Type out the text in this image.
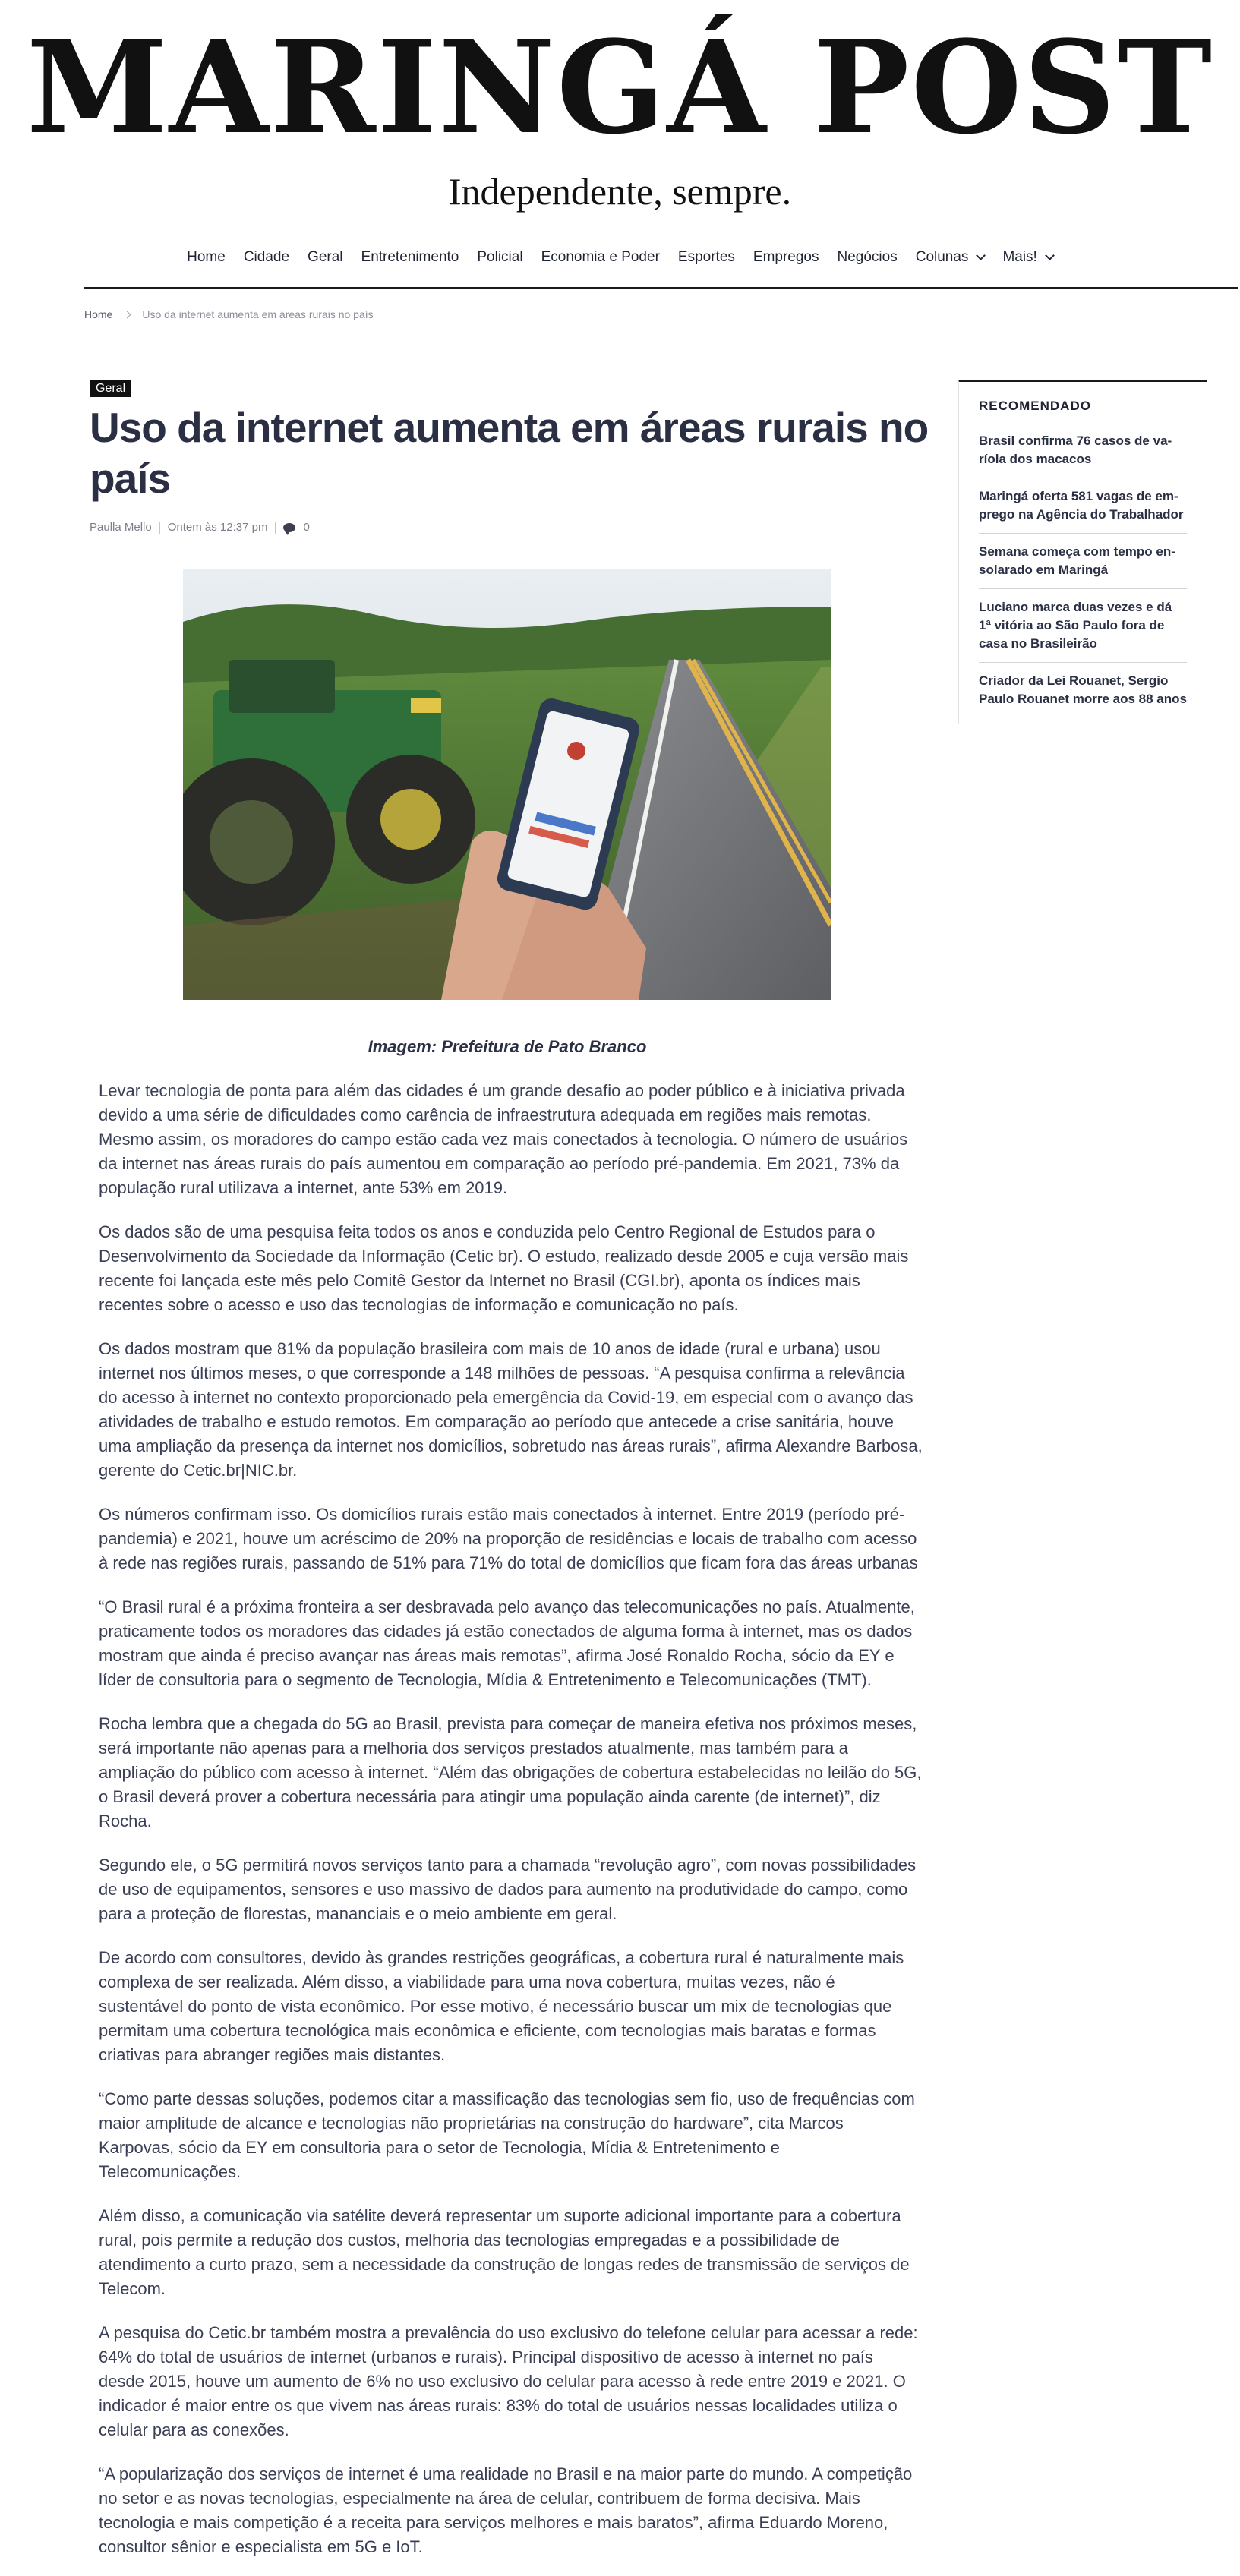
MARINGÁ POST
Independente, sempre.
Home Cidade Geral Entretenimento Policial Economia e Poder Esportes Empregos Negócios Colunas Mais!
Home	Uso da internet aumenta em áreas rurais no país
Geral
Uso da internet aumenta em áreas rurais no país
Paulla Mello Ontem às 12:37 pm	0
Imagem: Prefeitura de Pato Branco

Levar tecnologia de ponta para além das cidades é um grande desafio ao poder público e à iniciativa privada devido a uma série de dificuldades como carência de infraestrutura adequada em regiões mais remotas. Mesmo assim, os moradores do campo estão cada vez mais conectados à tecnologia. O número de usuários da internet nas áreas rurais do país aumentou em comparação ao período pré-pandemia. Em 2021, 73% da população rural utilizava a internet, ante 53% em 2019.

Os dados são de uma pesquisa feita todos os anos e conduzida pelo Centro Regional de Estudos para o Desenvolvimento da Sociedade da Informação (Cetic br). O estudo, realizado desde 2005 e cuja versão mais recente foi lançada este mês pelo Comitê Gestor da Internet no Brasil (CGI.br), aponta os índices mais recentes sobre o acesso e uso das tecnologias de informação e comunicação no país.

Os dados mostram que 81% da população brasileira com mais de 10 anos de idade (rural e urbana) usou internet nos últimos meses, o que corresponde a 148 milhões de pessoas. “A pesquisa confirma a relevância do acesso à internet no contexto proporcionado pela emergência da Covid-19, em especial com o avanço das atividades de trabalho e estudo remotos. Em comparação ao período que antecede a crise sanitária, houve uma ampliação da presença da internet nos domicílios, sobretudo nas áreas rurais”, afirma Alexandre Barbosa, gerente do Cetic.br|NIC.br.

Os números confirmam isso. Os domicílios rurais estão mais conectados à internet. Entre 2019 (período pré-pandemia) e 2021, houve um acréscimo de 20% na proporção de residências e locais de trabalho com acesso à rede nas regiões rurais, passando de 51% para 71% do total de domicílios que ficam fora das áreas urbanas

“O Brasil rural é a próxima fronteira a ser desbravada pelo avanço das telecomunicações no país. Atualmente, praticamente todos os moradores das cidades já estão conectados de alguma forma à internet, mas os dados mostram que ainda é preciso avançar nas áreas mais remotas”, afirma José Ronaldo Rocha, sócio da EY e líder de consultoria para o segmento de Tecnologia, Mídia & Entretenimento e Telecomunicações (TMT).

Rocha lembra que a chegada do 5G ao Brasil, prevista para começar de maneira efetiva nos próximos meses, será importante não apenas para a melhoria dos serviços prestados atualmente, mas também para a ampliação do público com acesso à internet. “Além das obrigações de cobertura estabelecidas no leilão do 5G, o Brasil deverá prover a cobertura necessária para atingir uma população ainda carente (de internet)”, diz Rocha.

Segundo ele, o 5G permitirá novos serviços tanto para a chamada “revolução agro”, com novas possibilidades de uso de equipamentos, sensores e uso massivo de dados para aumento na produtividade do campo, como para a proteção de florestas, mananciais e o meio ambiente em geral.

De acordo com consultores, devido às grandes restrições geográficas, a cobertura rural é naturalmente mais complexa de ser realizada. Além disso, a viabilidade para uma nova cobertura, muitas vezes, não é sustentável do ponto de vista econômico. Por esse motivo, é necessário buscar um mix de tecnologias que permitam uma cobertura tecnológica mais econômica e eficiente, com tecnologias mais baratas e formas criativas para abranger regiões mais distantes.

“Como parte dessas soluções, podemos citar a massificação das tecnologias sem fio, uso de frequências com maior amplitude de alcance e tecnologias não proprietárias na construção do hardware”, cita Marcos Karpovas, sócio da EY em consultoria para o setor de Tecnologia, Mídia & Entretenimento e Telecomunicações.

Além disso, a comunicação via satélite deverá representar um suporte adicional importante para a cobertura rural, pois permite a redução dos custos, melhoria das tecnologias empregadas e a possibilidade de atendimento a curto prazo, sem a necessidade da construção de longas redes de transmissão de serviços de Telecom.

A pesquisa do Cetic.br também mostra a prevalência do uso exclusivo do telefone celular para acessar a rede: 64% do total de usuários de internet (urbanos e rurais). Principal dispositivo de acesso à internet no país desde 2015, houve um aumento de 6% no uso exclusivo do celular para acesso à rede entre 2019 e 2021. O indicador é maior entre os que vivem nas áreas rurais: 83% do total de usuários nessas localidades utiliza o celular para as conexões.

“A popularização dos serviços de internet é uma realidade no Brasil e na maior parte do mundo. A competição no setor e as novas tecnologias, especialmente na área de celular, contribuem de forma decisiva. Mais tecnologia e mais competição é a receita para serviços melhores e mais baratos”, afirma Eduardo Moreno, consultor sênior e especialista em 5G e IoT.

RECOMENDADO
Brasil confirma 76 casos de varíola dos macacos
Maringá oferta 581 vagas de emprego na Agência do Trabalhador
Semana começa com tempo ensolarado em Maringá
Luciano marca duas vezes e dá 1ª vitória ao São Paulo fora de casa no Brasileirão
Criador da Lei Rouanet, Sergio Paulo Rouanet morre aos 88 anos
